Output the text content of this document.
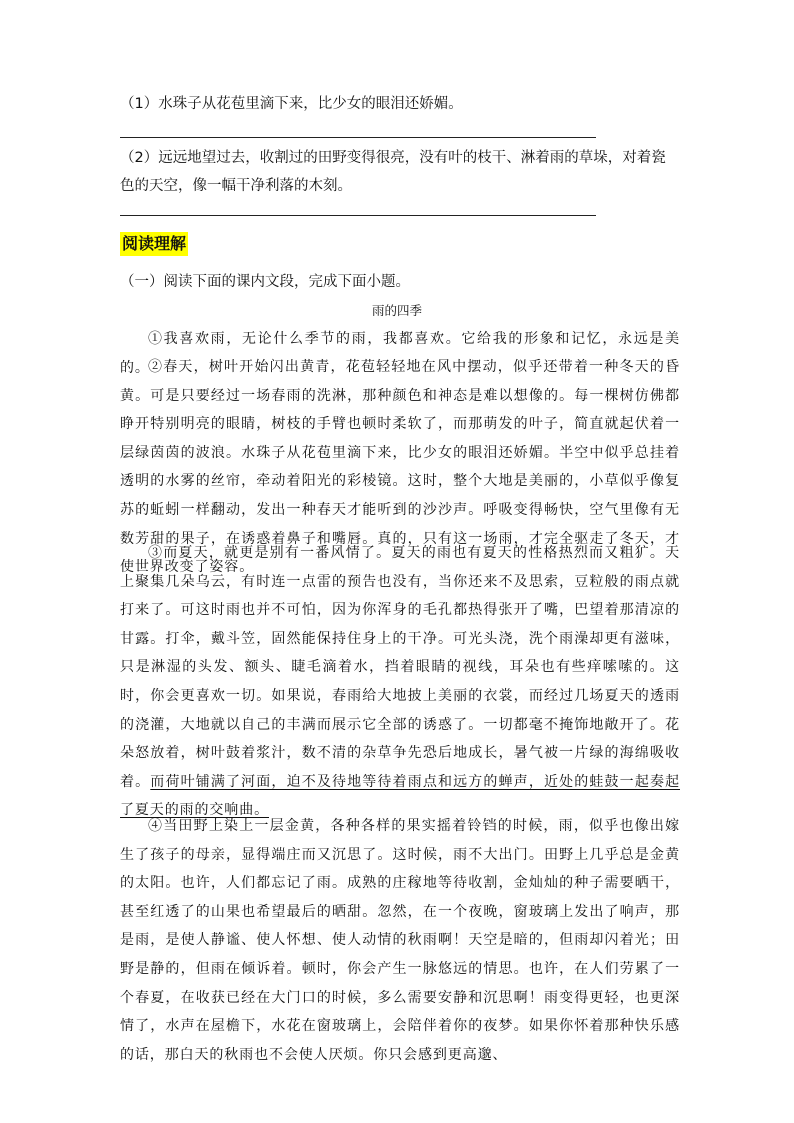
（1）水珠子从花苞里滴下来，比少女的眼泪还娇媚。

（2）远远地望过去，收割过的田野变得很亮，没有叶的枝干、淋着雨的草垛，对着瓷色的天空，像一幅干净利落的木刻。

阅读理解
（一）阅读下面的课内文段，完成下面小题。
雨的四季

①我喜欢雨，无论什么季节的雨，我都喜欢。它给我的形象和记忆，永远是美的。

②春天，树叶开始闪出黄青，花苞轻轻地在风中摆动，似乎还带着一种冬天的昏黄。可是只要经过一场春雨的洗淋，那种颜色和神态是难以想像的。每一棵树仿佛都睁开特别明亮的眼睛，树枝的手臂也顿时柔软了，而那萌发的叶子，简直就起伏着一层绿茵茵的波浪。水珠子从花苞里滴下来，比少女的眼泪还娇媚。半空中似乎总挂着透明的水雾的丝帘，牵动着阳光的彩棱镜。这时，整个大地是美丽的，小草似乎像复苏的蚯蚓一样翻动，发出一种春天才能听到的沙沙声。呼吸变得畅快，空气里像有无数芳甜的果子，在诱惑着鼻子和嘴唇。真的，只有这一场雨，才完全驱走了冬天，才使世界改变了姿容。

③而夏天，就更是别有一番风情了。夏天的雨也有夏天的性格热烈而又粗犷。天上聚集几朵乌云，有时连一点雷的预告也没有，当你还来不及思索，豆粒般的雨点就打来了。可这时雨也并不可怕，因为你浑身的毛孔都热得张开了嘴，巴望着那清凉的甘露。打伞，戴斗笠，固然能保持住身上的干净。可光头浇，洗个雨澡却更有滋味，只是淋湿的头发、额头、睫毛滴着水，挡着眼睛的视线，耳朵也有些痒嗦嗦的。这时，你会更喜欢一切。如果说，春雨给大地披上美丽的衣裳，而经过几场夏天的透雨的浇灌，大地就以自己的丰满而展示它全部的诱惑了。一切都毫不掩饰地敞开了。花朵怒放着，树叶鼓着浆汁，数不清的杂草争先恐后地成长，暑气被一片绿的海绵吸收着。而荷叶铺满了河面，迫不及待地等待着雨点和远方的蝉声，近处的蛙鼓一起奏起了夏天的雨的交响曲。

④当田野上染上一层金黄，各种各样的果实摇着铃铛的时候，雨，似乎也像出嫁生了孩子的母亲，显得端庄而又沉思了。这时候，雨不大出门。田野上几乎总是金黄的太阳。也许，人们都忘记了雨。成熟的庄稼地等待收割，金灿灿的种子需要晒干，甚至红透了的山果也希望最后的晒甜。忽然，在一个夜晚，窗玻璃上发出了响声，那是雨，是使人静谧、使人怀想、使人动情的秋雨啊！天空是暗的，但雨却闪着光；田野是静的，但雨在倾诉着。顿时，你会产生一脉悠远的情思。也许，在人们劳累了一个春夏，在收获已经在大门口的时候，多么需要安静和沉思啊！雨变得更轻，也更深情了，水声在屋檐下，水花在窗玻璃上，会陪伴着你的夜梦。如果你怀着那种快乐感的话，那白天的秋雨也不会使人厌烦。你只会感到更高邈、
